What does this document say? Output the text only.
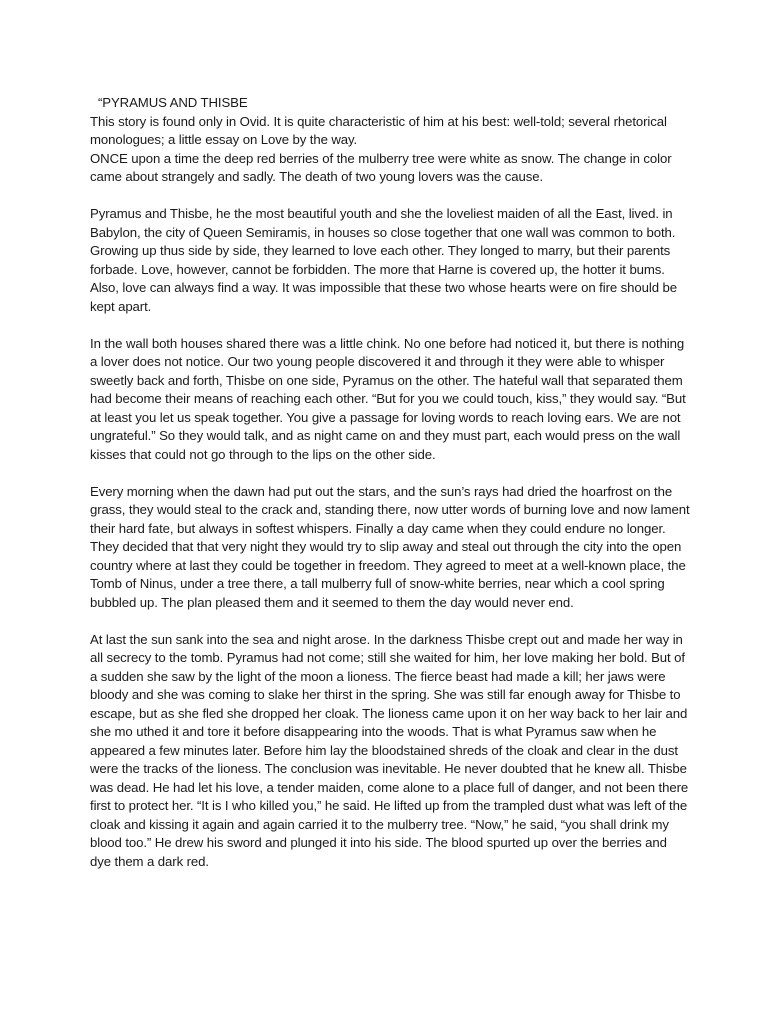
“PYRAMUS AND THISBE

This story is found only in Ovid. It is quite characteristic of him at his best: well-told; several rhetorical monologues; a little essay on Love by the way.

ONCE upon a time the deep red berries of the mulberry tree were white as snow. The change in color came about strangely and sadly. The death of two young lovers was the cause.

Pyramus and Thisbe, he the most beautiful youth and she the loveliest maiden of all the East, lived. in Babylon, the city of Queen Semiramis, in houses so close together that one wall was common to both. Growing up thus side by side, they learned to love each other. They longed to marry, but their parents forbade. Love, however, cannot be forbidden. The more that Harne is covered up, the hotter it bums. Also, love can always find a way. It was impossible that these two whose hearts were on fire should be kept apart.

In the wall both houses shared there was a little chink. No one before had noticed it, but there is nothing a lover does not notice. Our two young people discovered it and through it they were able to whisper sweetly back and forth, Thisbe on one side, Pyramus on the other. The hateful wall that separated them had become their means of reaching each other. “But for you we could touch, kiss,” they would say. “But at least you let us speak together. You give a passage for loving words to reach loving ears. We are not ungrateful.” So they would talk, and as night came on and they must part, each would press on the wall kisses that could not go through to the lips on the other side.

Every morning when the dawn had put out the stars, and the sun’s rays had dried the hoarfrost on the grass, they would steal to the crack and, standing there, now utter words of burning love and now lament their hard fate, but always in softest whispers. Finally a day came when they could endure no longer. They decided that that very night they would try to slip away and steal out through the city into the open country where at last they could be together in freedom. They agreed to meet at a well-known place, the Tomb of Ninus, under a tree there, a tall mulberry full of snow-white berries, near which a cool spring bubbled up. The plan pleased them and it seemed to them the day would never end.

At last the sun sank into the sea and night arose. In the darkness Thisbe crept out and made her way in all secrecy to the tomb. Pyramus had not come; still she waited for him, her love making her bold. But of a sudden she saw by the light of the moon a lioness. The fierce beast had made a kill; her jaws were bloody and she was coming to slake her thirst in the spring. She was still far enough away for Thisbe to escape, but as she fled she dropped her cloak. The lioness came upon it on her way back to her lair and she mo uthed it and tore it before disappearing into the woods. That is what Pyramus saw when he appeared a few minutes later. Before him lay the bloodstained shreds of the cloak and clear in the dust were the tracks of the lioness. The conclusion was inevitable. He never doubted that he knew all. Thisbe was dead. He had let his love, a tender maiden, come alone to a place full of danger, and not been there first to protect her. “It is I who killed you,” he said. He lifted up from the trampled dust what was left of the cloak and kissing it again and again carried it to the mulberry tree. “Now,” he said, “you shall drink my blood too.” He drew his sword and plunged it into his side. The blood spurted up over the berries and dye them a dark red.
